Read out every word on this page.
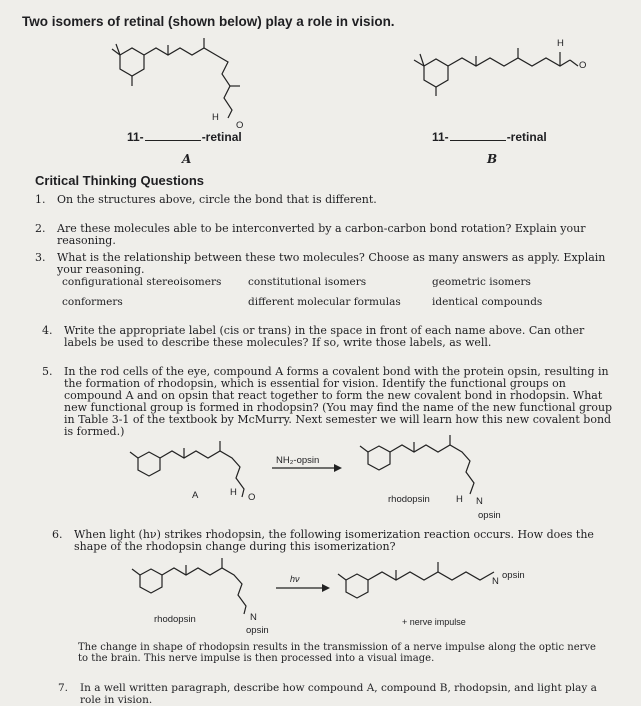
Two isomers of retinal (shown below) play a role in vision.
H
O
11-	-retinal
A
H
O
11-	-retinal
B
Critical Thinking Questions
1.	On the structures above, circle the bond that is different.
2.	Are these molecules able to be interconverted by a carbon-carbon bond rotation? Explain your reasoning.
3.	What is the relationship between these two molecules? Choose as many answers as apply. Explain your reasoning.
configurational stereoisomers	constitutional isomers	geometric isomers
conformers	different molecular formulas	identical compounds
4.	Write the appropriate label (cis or trans) in the space in front of each name above. Can other labels be used to describe these molecules? If so, write those labels, as well.
5.	In the rod cells of the eye, compound A forms a covalent bond with the protein opsin, resulting in the formation of rhodopsin, which is essential for vision. Identify the functional groups on compound A and on opsin that react together to form the new covalent bond in rhodopsin. What new functional group is formed in rhodopsin? (You may find the name of the new functional group in Table 3-1 of the textbook by McMurry. Next semester we will learn how this new covalent bond is formed.)
NH₂-opsin
A	H O	rhodopsin	H N
opsin
6.	When light (hν) strikes rhodopsin, the following isomerization reaction occurs. How does the shape of the rhodopsin change during this isomerization?
hν
rhodopsin	N
opsin
N
opsin
+ nerve impulse
The change in shape of rhodopsin results in the transmission of a nerve impulse along the optic nerve to the brain. This nerve impulse is then processed into a visual image.
7.	In a well written paragraph, describe how compound A, compound B, rhodopsin, and light play a role in vision.
